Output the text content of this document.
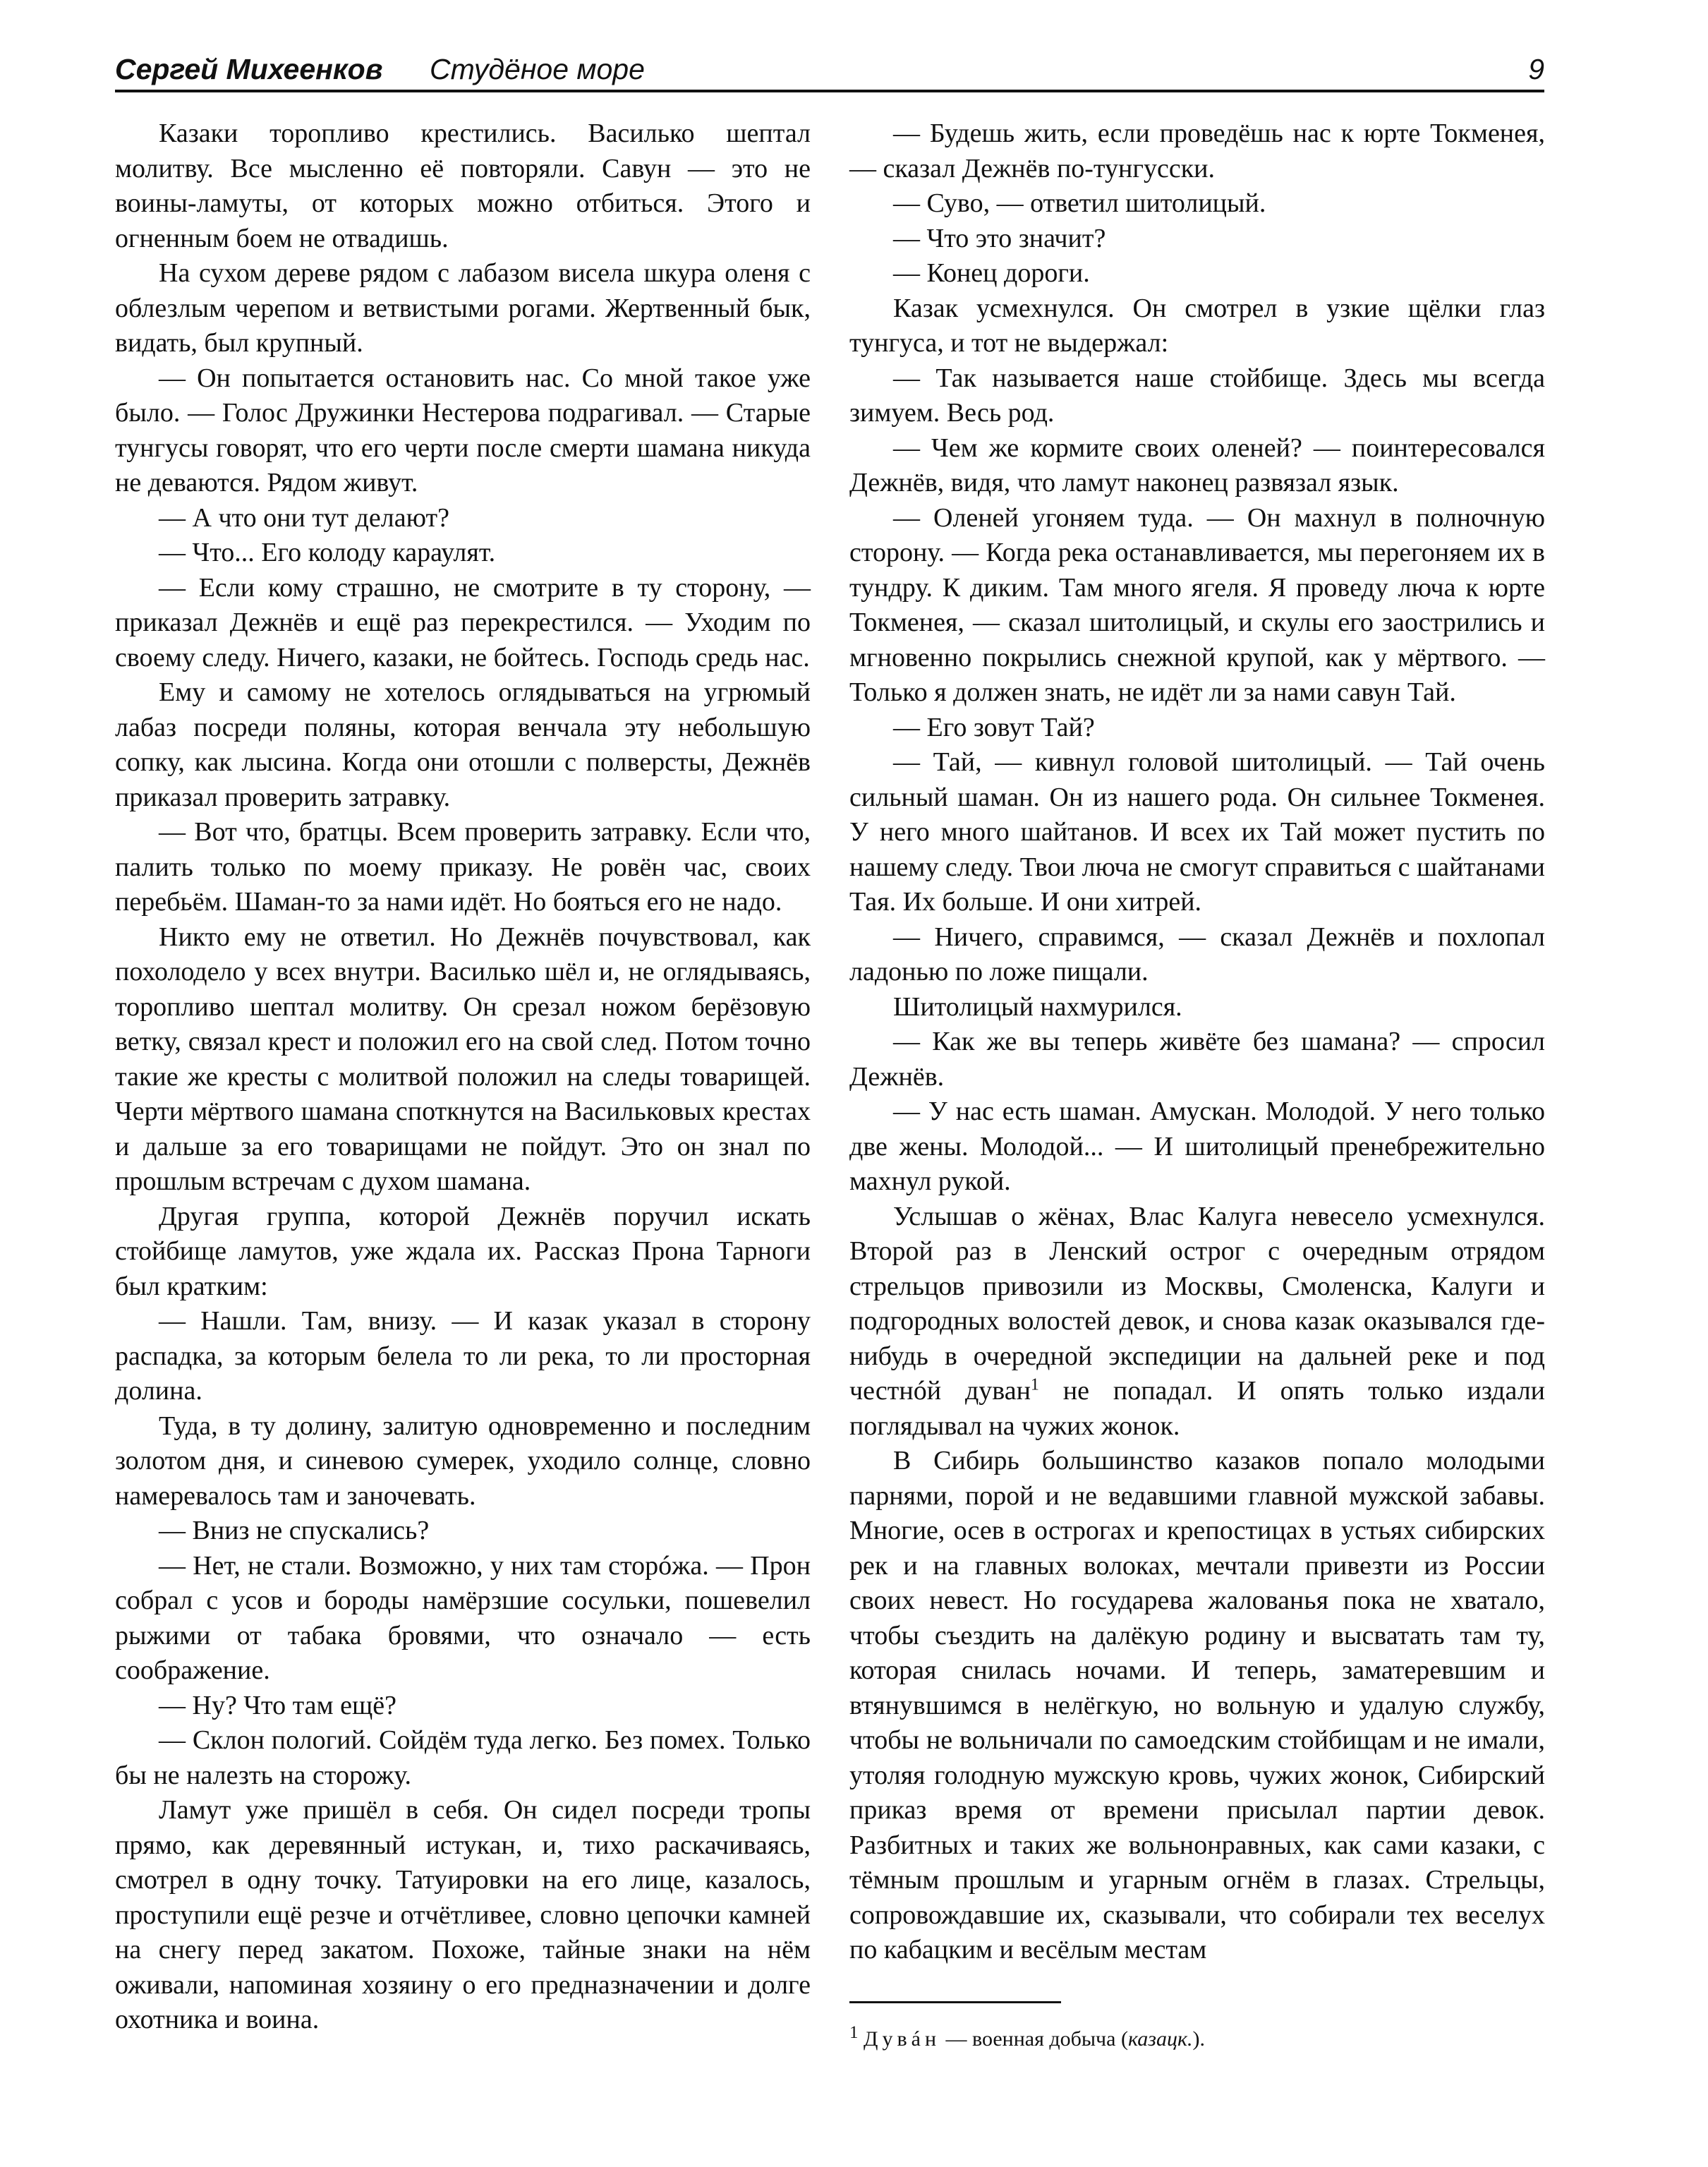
Сергей Михеенков Студёное море	9

Казаки торопливо крестились. Василько шептал молитву. Все мысленно её повторяли. Савун — это не воины-ламуты, от которых можно отбиться. Этого и огненным боем не отвадишь.

На сухом дереве рядом с лабазом висела шкура оленя с облезлым черепом и ветвистыми рогами. Жертвенный бык, видать, был крупный.

— Он попытается остановить нас. Со мной такое уже было. — Голос Дружинки Нестерова подрагивал. — Старые тунгусы говорят, что его черти после смерти шамана никуда не деваются. Рядом живут.

— А что они тут делают?

— Что... Его колоду караулят.

— Если кому страшно, не смотрите в ту сторону, — приказал Дежнёв и ещё раз перекрестился. — Уходим по своему следу. Ничего, казаки, не бойтесь. Господь средь нас.

Ему и самому не хотелось оглядываться на угрюмый лабаз посреди поляны, которая венчала эту небольшую сопку, как лысина. Когда они отошли с полверсты, Дежнёв приказал проверить затравку.

— Вот что, братцы. Всем проверить затравку. Если что, палить только по моему приказу. Не ровён час, своих перебьём. Шаман-то за нами идёт. Но бояться его не надо.

Никто ему не ответил. Но Дежнёв почувствовал, как похолодело у всех внутри. Василько шёл и, не оглядываясь, торопливо шептал молитву. Он срезал ножом берёзовую ветку, связал крест и положил его на свой след. Потом точно такие же кресты с молитвой положил на следы товарищей. Черти мёртвого шамана споткнутся на Васильковых крестах и дальше за его товарищами не пойдут. Это он знал по прошлым встречам с духом шамана.

Другая группа, которой Дежнёв поручил искать стойбище ламутов, уже ждала их. Рассказ Прона Тарноги был кратким:

— Нашли. Там, внизу. — И казак указал в сторону распадка, за которым белела то ли река, то ли просторная долина.

Туда, в ту долину, залитую одновременно и последним золотом дня, и синевою сумерек, уходило солнце, словно намеревалось там и заночевать.

— Вниз не спускались?

— Нет, не стали. Возможно, у них там сторóжа. — Прон собрал с усов и бороды намёрзшие сосульки, пошевелил рыжими от табака бровями, что означало — есть соображение.

— Ну? Что там ещё?

— Склон пологий. Сойдём туда легко. Без помех. Только бы не налезть на сторожу.

Ламут уже пришёл в себя. Он сидел посреди тропы прямо, как деревянный истукан, и, тихо раскачиваясь, смотрел в одну точку. Татуировки на его лице, казалось, проступили ещё резче и отчётливее, словно цепочки камней на снегу перед закатом. Похоже, тайные знаки на нём оживали, напоминая хозяину о его предназначении и долге охотника и воина.

— Будешь жить, если проведёшь нас к юрте Токменея, — сказал Дежнёв по-тунгусски.

— Суво, — ответил шитолицый.

— Что это значит?

— Конец дороги.

Казак усмехнулся. Он смотрел в узкие щёлки глаз тунгуса, и тот не выдержал:

— Так называется наше стойбище. Здесь мы всегда зимуем. Весь род.

— Чем же кормите своих оленей? — поинтересовался Дежнёв, видя, что ламут наконец развязал язык.

— Оленей угоняем туда. — Он махнул в полночную сторону. — Когда река останавливается, мы перегоняем их в тундру. К диким. Там много ягеля. Я проведу люча к юрте Токменея, — сказал шитолицый, и скулы его заострились и мгновенно покрылись снежной крупой, как у мёртвого. — Только я должен знать, не идёт ли за нами савун Тай.

— Его зовут Тай?

— Тай, — кивнул головой шитолицый. — Тай очень сильный шаман. Он из нашего рода. Он сильнее Токменея. У него много шайтанов. И всех их Тай может пустить по нашему следу. Твои люча не смогут справиться с шайтанами Тая. Их больше. И они хитрей.

— Ничего, справимся, — сказал Дежнёв и похлопал ладонью по ложе пищали.

Шитолицый нахмурился.

— Как же вы теперь живёте без шамана? — спросил Дежнёв.

— У нас есть шаман. Амускан. Молодой. У него только две жены. Молодой... — И шитолицый пренебрежительно махнул рукой.

Услышав о жёнах, Влас Калуга невесело усмехнулся. Второй раз в Ленский острог с очередным отрядом стрельцов привозили из Москвы, Смоленска, Калуги и подгородных волостей девок, и снова казак оказывался где-нибудь в очередной экспедиции на дальней реке и под честнóй дуван$^1$ не попадал. И опять только издали поглядывал на чужих жонок.

В Сибирь большинство казаков попало молодыми парнями, порой и не ведавшими главной мужской забавы. Многие, осев в острогах и крепостицах в устьях сибирских рек и на главных волоках, мечтали привезти из России своих невест. Но государева жалованья пока не хватало, чтобы съездить на далёкую родину и высватать там ту, которая снилась ночами. И теперь, заматеревшим и втянувшимся в нелёгкую, но вольную и удалую службу, чтобы не вольничали по самоедским стойбищам и не имали, утоляя голодную мужскую кровь, чужих жонок, Сибирский приказ время от времени присылал партии девок. Разбитных и таких же вольнонравных, как сами казаки, с тёмным прошлым и угарным огнём в глазах. Стрельцы, сопровождавшие их, сказывали, что собирали тех веселух по кабацким и весёлым местам

$^1$ Дувáн — военная добыча (казацк.).
